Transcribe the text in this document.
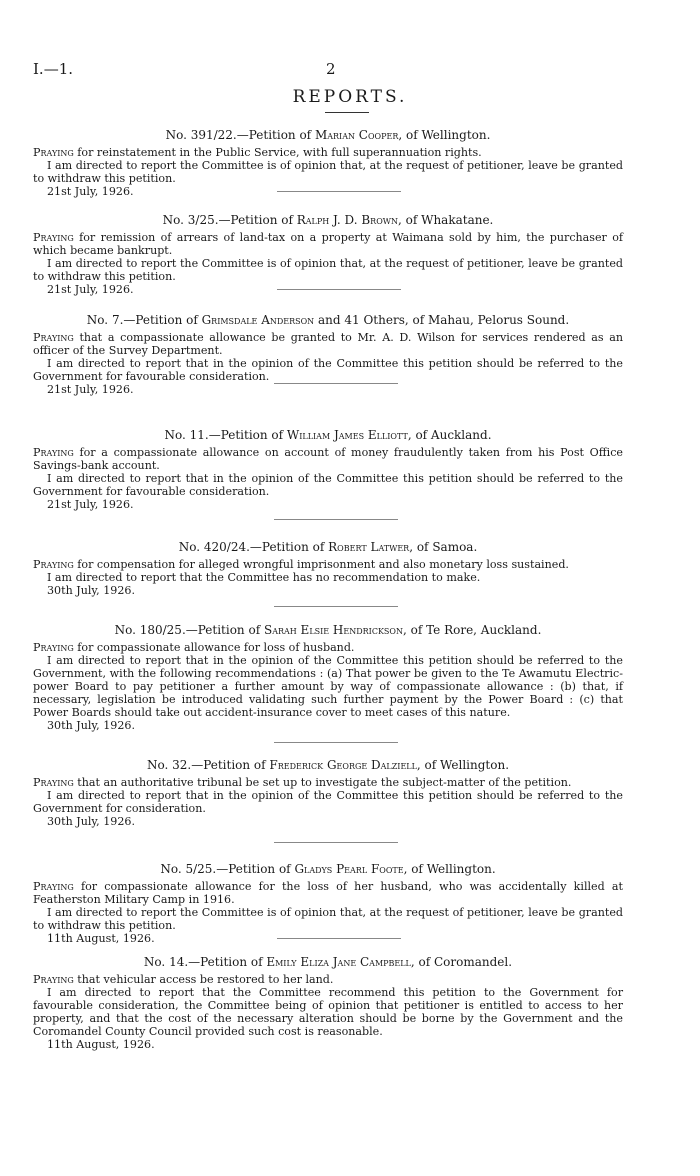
I.—1.	2
REPORTS.
No. 391/22.—Petition of Marian Cooper, of Wellington.

Praying for reinstatement in the Public Service, with full superannuation rights.

I am directed to report the Committee is of opinion that, at the request of petitioner, leave be granted to withdraw this petition.

21st July, 1926.
No. 3/25.—Petition of Ralph J. D. Brown, of Whakatane.

Praying for remission of arrears of land-tax on a property at Waimana sold by him, the purchaser of which became bankrupt.

I am directed to report the Committee is of opinion that, at the request of petitioner, leave be granted to withdraw this petition.

21st July, 1926.
No. 7.—Petition of Grimsdale Anderson and 41 Others, of Mahau, Pelorus Sound.

Praying that a compassionate allowance be granted to Mr. A. D. Wilson for services rendered as an officer of the Survey Department.

I am directed to report that in the opinion of the Committee this petition should be referred to the Government for favourable consideration.

21st July, 1926.
No. 11.—Petition of William James Elliott, of Auckland.

Praying for a compassionate allowance on account of money fraudulently taken from his Post Office Savings-bank account.

I am directed to report that in the opinion of the Committee this petition should be referred to the Government for favourable consideration.

21st July, 1926.
No. 420/24.—Petition of Robert Latwer, of Samoa.

Praying for compensation for alleged wrongful imprisonment and also monetary loss sustained.

I am directed to report that the Committee has no recommendation to make.

30th July, 1926.
No. 180/25.—Petition of Sarah Elsie Hendrickson, of Te Rore, Auckland.

Praying for compassionate allowance for loss of husband.

I am directed to report that in the opinion of the Committee this petition should be referred to the Government, with the following recommendations : (a) That power be given to the Te Awamutu Electric-power Board to pay petitioner a further amount by way of compassionate allowance : (b) that, if necessary, legislation be introduced validating such further payment by the Power Board : (c) that Power Boards should take out accident-insurance cover to meet cases of this nature.

30th July, 1926.
No. 32.—Petition of Frederick George Dalziell, of Wellington.

Praying that an authoritative tribunal be set up to investigate the subject-matter of the petition.

I am directed to report that in the opinion of the Committee this petition should be referred to the Government for consideration.

30th July, 1926.
No. 5/25.—Petition of Gladys Pearl Foote, of Wellington.

Praying for compassionate allowance for the loss of her husband, who was accidentally killed at Featherston Military Camp in 1916.

I am directed to report the Committee is of opinion that, at the request of petitioner, leave be granted to withdraw this petition.

11th August, 1926.
No. 14.—Petition of Emily Eliza Jane Campbell, of Coromandel.

Praying that vehicular access be restored to her land.

I am directed to report that the Committee recommend this petition to the Government for favourable consideration, the Committee being of opinion that petitioner is entitled to access to her property, and that the cost of the necessary alteration should be borne by the Government and the Coromandel County Council provided such cost is reasonable.

11th August, 1926.
